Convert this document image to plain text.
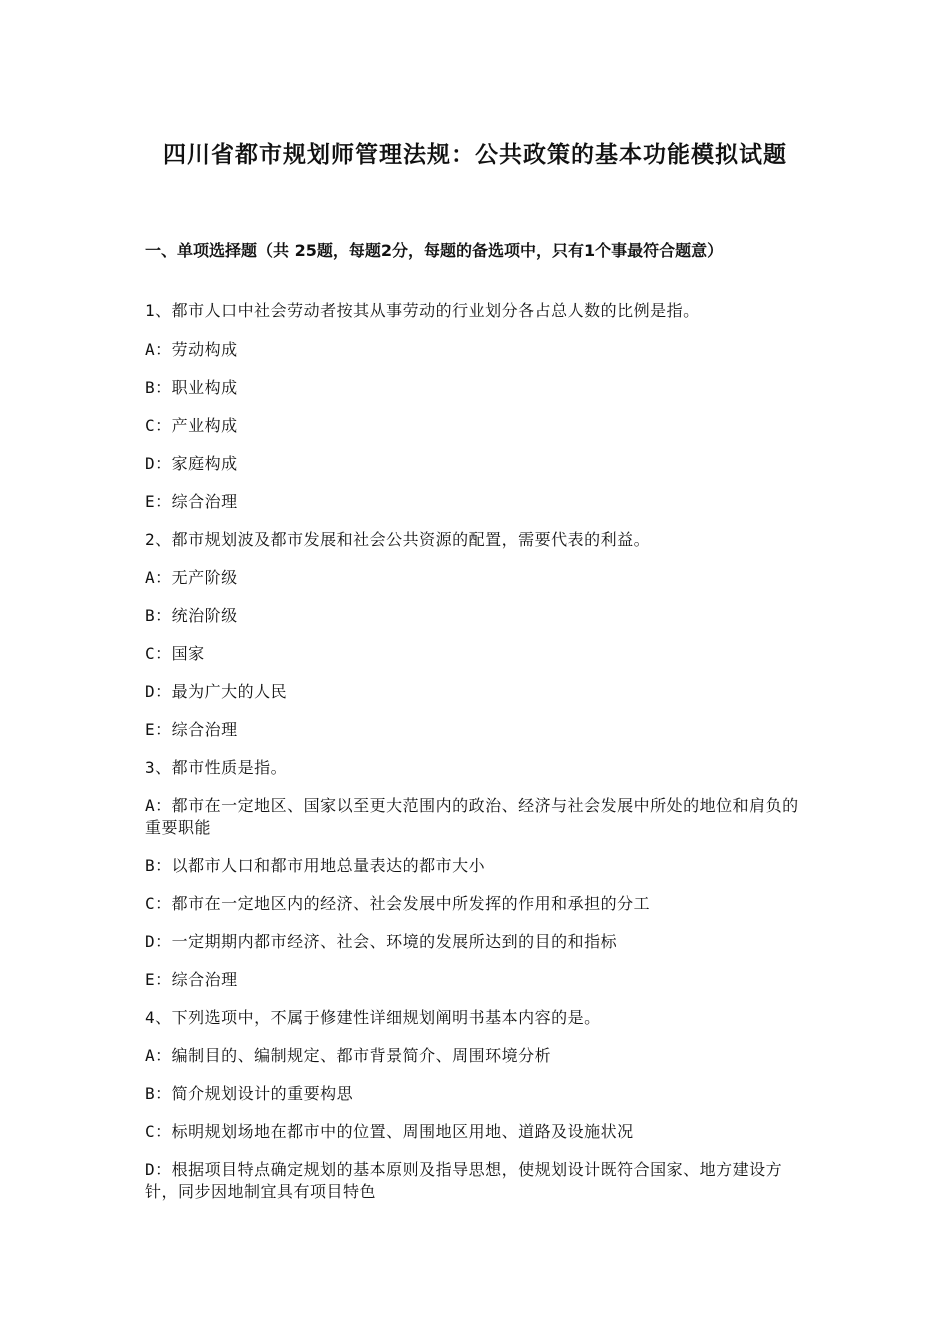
四川省都市规划师管理法规：公共政策的基本功能模拟试题
一、单项选择题（共 25题，每题2分，每题的备选项中，只有1个事最符合题意）
1、都市人口中社会劳动者按其从事劳动的行业划分各占总人数的比例是指。
A：劳动构成
B：职业构成
C：产业构成
D：家庭构成
E：综合治理
2、都市规划波及都市发展和社会公共资源的配置，需要代表的利益。
A：无产阶级
B：统治阶级
C：国家
D：最为广大的人民
E：综合治理
3、都市性质是指。
A：都市在一定地区、国家以至更大范围内的政治、经济与社会发展中所处的地位和肩负的重要职能
B：以都市人口和都市用地总量表达的都市大小
C：都市在一定地区内的经济、社会发展中所发挥的作用和承担的分工
D：一定期期内都市经济、社会、环境的发展所达到的目的和指标
E：综合治理
4、下列选项中，不属于修建性详细规划阐明书基本内容的是。
A：编制目的、编制规定、都市背景简介、周围环境分析
B：简介规划设计的重要构思
C：标明规划场地在都市中的位置、周围地区用地、道路及设施状况
D：根据项目特点确定规划的基本原则及指导思想，使规划设计既符合国家、地方建设方针，同步因地制宜具有项目特色
